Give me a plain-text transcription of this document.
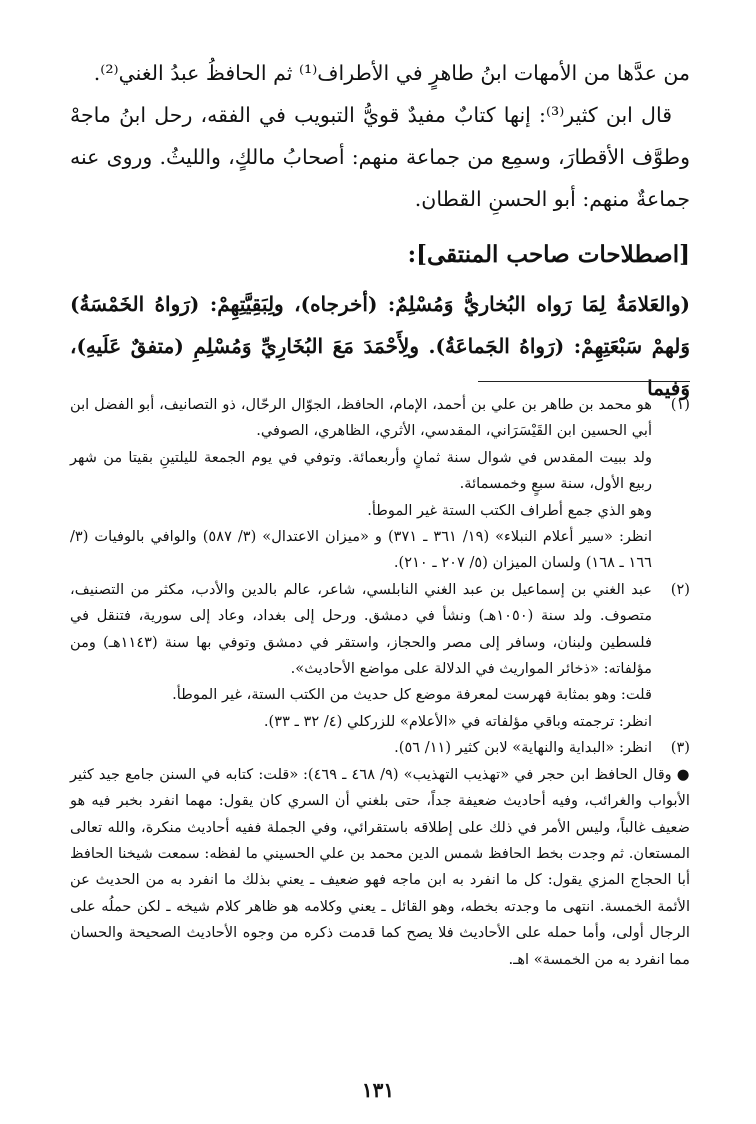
من عدَّها من الأمهات ابنُ طاهرٍ في الأطراف⁽¹⁾ ثم الحافظُ عبدُ الغني⁽²⁾.

قال ابن كثير⁽³⁾: إنها كتابٌ مفيدٌ قويُّ التبويب في الفقه، رحل ابنُ ماجهْ وطوَّف الأقطارَ، وسمِع من جماعة منهم: أصحابُ مالكٍ، والليثُ. وروى عنه جماعةٌ منهم: أبو الحسنِ القطان.

[اصطلاحات صاحب المنتقى]:
(والعَلامَةُ لِمَا رَواه البُخاريُّ وَمُسْلِمٌ: (أخرجاه)، ولِبَقِيَّتِهِمْ: (رَواهُ الخَمْسَةُ) وَلهمْ سَبْعَتِهِمْ: (رَواهُ الجَماعَةُ). ولِأَحْمَدَ مَعَ البُخَارِيِّ وَمُسْلِمِ (متفقٌ عَلَيهِ)، وَفيما
(١)

هو محمد بن طاهر بن علي بن أحمد، الإمام، الحافظ، الجوّال الرحّال، ذو التصانيف، أبو الفضل ابن أبي الحسين ابن القَيْسَرَاني، المقدسي، الأثري، الظاهري، الصوفي.

ولد ببيت المقدس في شوال سنة ثمانٍ وأربعمائة. وتوفي في يوم الجمعة لليلتينِ بقيتا من شهر ربيع الأول، سنة سبعٍ وخمسمائة.

وهو الذي جمع أطراف الكتب الستة غير الموطأ.

انظر: «سير أعلام النبلاء» (١٩/ ٣٦١ ـ ٣٧١) و «ميزان الاعتدال» (٣/ ٥٨٧) والوافي بالوفيات (٣/ ١٦٦ ـ ١٦٨) ولسان الميزان (٥/ ٢٠٧ ـ ٢١٠).

(٢)

عبد الغني بن إسماعيل بن عبد الغني النابلسي، شاعر، عالم بالدين والأدب، مكثر من التصنيف، متصوف. ولد سنة (١٠٥٠هـ) ونشأ في دمشق. ورحل إلى بغداد، وعاد إلى سورية، فتنقل في فلسطين ولبنان، وسافر إلى مصر والحجاز، واستقر في دمشق وتوفي بها سنة (١١٤٣هـ) ومن مؤلفاته: «ذخائر المواريث في الدلالة على مواضع الأحاديث».

قلت: وهو بمثابة فهرست لمعرفة موضع كل حديث من الكتب الستة، غير الموطأ.

انظر: ترجمته وباقي مؤلفاته في «الأعلام» للزركلي (٤/ ٣٢ ـ ٣٣).

(٣)

انظر: «البداية والنهاية» لابن كثير (١١/ ٥٦).

● وقال الحافظ ابن حجر في «تهذيب التهذيب» (٩/ ٤٦٨ ـ ٤٦٩): «قلت: كتابه في السنن جامع جيد كثير الأبواب والغرائب، وفيه أحاديث ضعيفة جداً، حتى بلغني أن السري كان يقول: مهما انفرد بخبر فيه هو ضعيف غالباً، وليس الأمر في ذلك على إطلاقه باستقرائي، وفي الجملة ففيه أحاديث منكرة، والله تعالى المستعان. ثم وجدت بخط الحافظ شمس الدين محمد بن علي الحسيني ما لفظه: سمعت شيخنا الحافظ أبا الحجاج المزي يقول: كل ما انفرد به ابن ماجه فهو ضعيف ـ يعني بذلك ما انفرد به من الحديث عن الأئمة الخمسة. انتهى ما وجدته بخطه، وهو القائل ـ يعني وكلامه هو ظاهر كلام شيخه ـ لكن حملُه على الرجال أولى، وأما حمله على الأحاديث فلا يصح كما قدمت ذكره من وجوه الأحاديث الصحيحة والحسان مما انفرد به من الخمسة» اهـ.

١٣١
